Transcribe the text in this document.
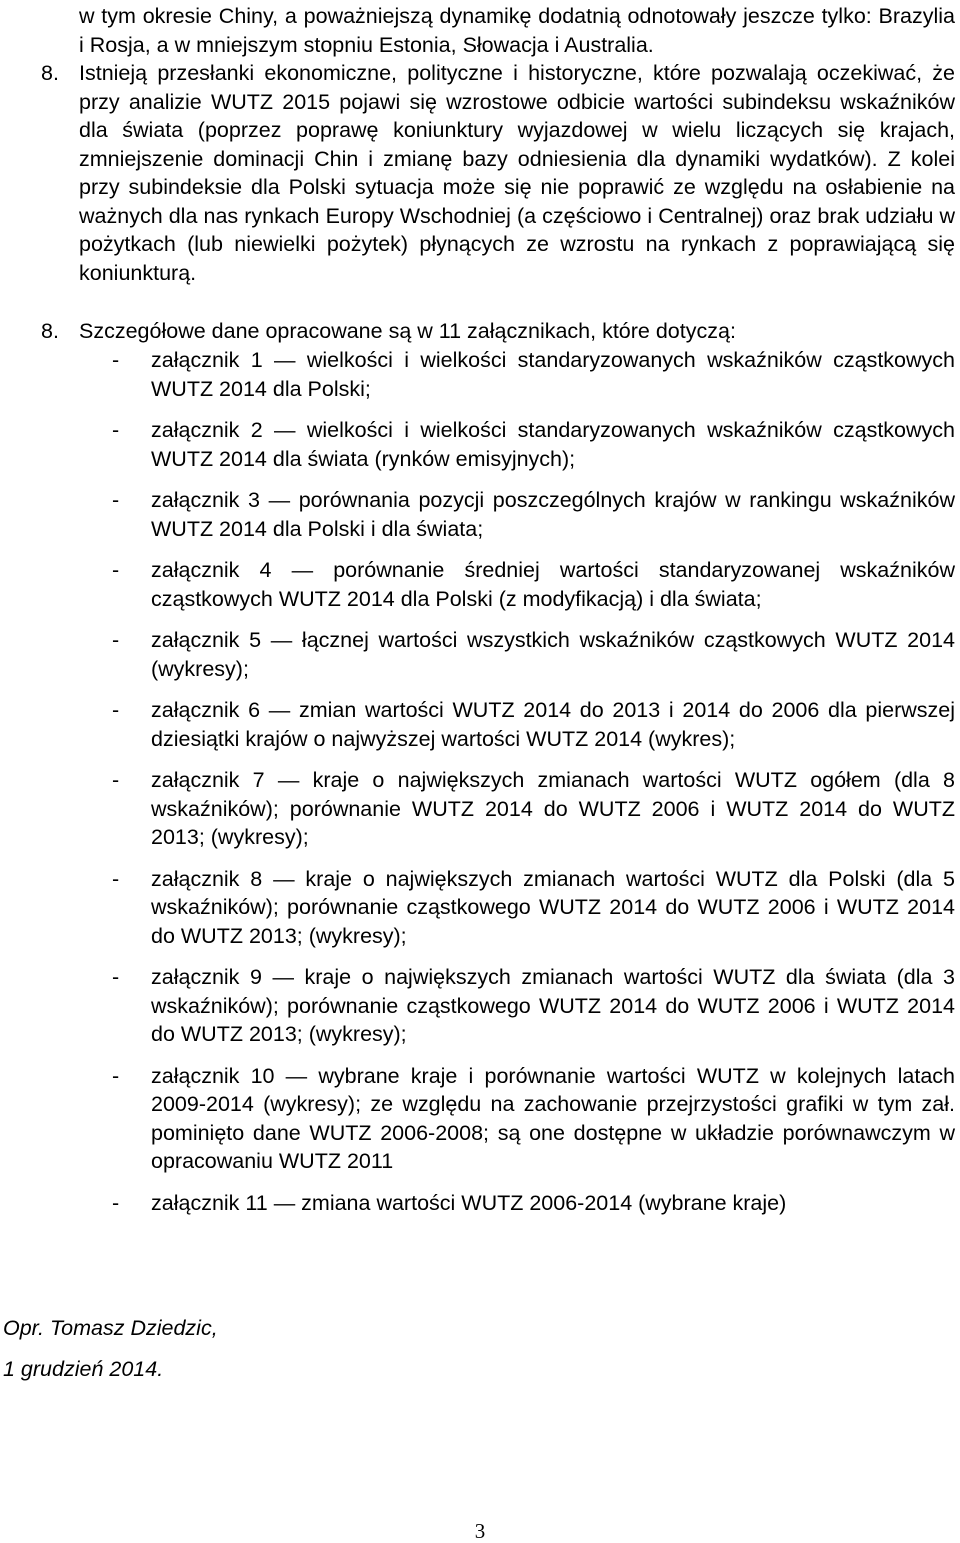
w tym okresie Chiny, a poważniejszą dynamikę dodatnią odnotowały jeszcze tylko: Brazylia i Rosja, a w mniejszym stopniu Estonia, Słowacja i Australia.

8. Istnieją przesłanki ekonomiczne, polityczne i historyczne, które pozwalają oczekiwać, że przy analizie WUTZ 2015 pojawi się wzrostowe odbicie wartości subindeksu wskaźników dla świata (poprzez poprawę koniunktury wyjazdowej w wielu liczących się krajach, zmniejszenie dominacji Chin i zmianę bazy odniesienia dla dynamiki wydatków). Z kolei przy subindeksie dla Polski sytuacja może się nie poprawić ze względu na osłabienie na ważnych dla nas rynkach Europy Wschodniej (a częściowo i Centralnej) oraz brak udziału w pożytkach (lub niewielki pożytek) płynących ze wzrostu na rynkach z poprawiającą się koniunkturą.
8. Szczegółowe dane opracowane są w 11 załącznikach, które dotyczą:
- załącznik 1 — wielkości i wielkości standaryzowanych wskaźników cząstkowych WUTZ 2014 dla Polski;
- załącznik 2 — wielkości i wielkości standaryzowanych wskaźników cząstkowych WUTZ 2014 dla świata (rynków emisyjnych);
- załącznik 3 — porównania pozycji poszczególnych krajów w rankingu wskaźników WUTZ 2014 dla Polski i dla świata;
- załącznik 4 — porównanie średniej wartości standaryzowanej wskaźników cząstkowych WUTZ 2014 dla Polski (z modyfikacją) i dla świata;
- załącznik 5 — łącznej wartości wszystkich wskaźników cząstkowych WUTZ 2014 (wykresy);
- załącznik 6 — zmian wartości WUTZ 2014 do 2013 i 2014 do 2006 dla pierwszej dziesiątki krajów o najwyższej wartości WUTZ 2014 (wykres);
- załącznik 7 — kraje o największych zmianach wartości WUTZ ogółem (dla 8 wskaźników); porównanie WUTZ 2014 do WUTZ 2006 i WUTZ 2014 do WUTZ 2013; (wykresy);
- załącznik 8 — kraje o największych zmianach wartości WUTZ dla Polski (dla 5 wskaźników); porównanie cząstkowego WUTZ 2014 do WUTZ 2006 i WUTZ 2014 do WUTZ 2013; (wykresy);
- załącznik 9 — kraje o największych zmianach wartości WUTZ dla świata (dla 3 wskaźników); porównanie cząstkowego WUTZ 2014 do WUTZ 2006 i WUTZ 2014 do WUTZ 2013; (wykresy);
- załącznik 10 — wybrane kraje i porównanie wartości WUTZ w kolejnych latach 2009-2014 (wykresy); ze względu na zachowanie przejrzystości grafiki w tym zał. pominięto dane WUTZ 2006-2008; są one dostępne w układzie porównawczym w opracowaniu WUTZ 2011
- załącznik 11 — zmiana wartości WUTZ 2006-2014 (wybrane kraje)
Opr. Tomasz Dziedzic,
1 grudzień 2014.
3
